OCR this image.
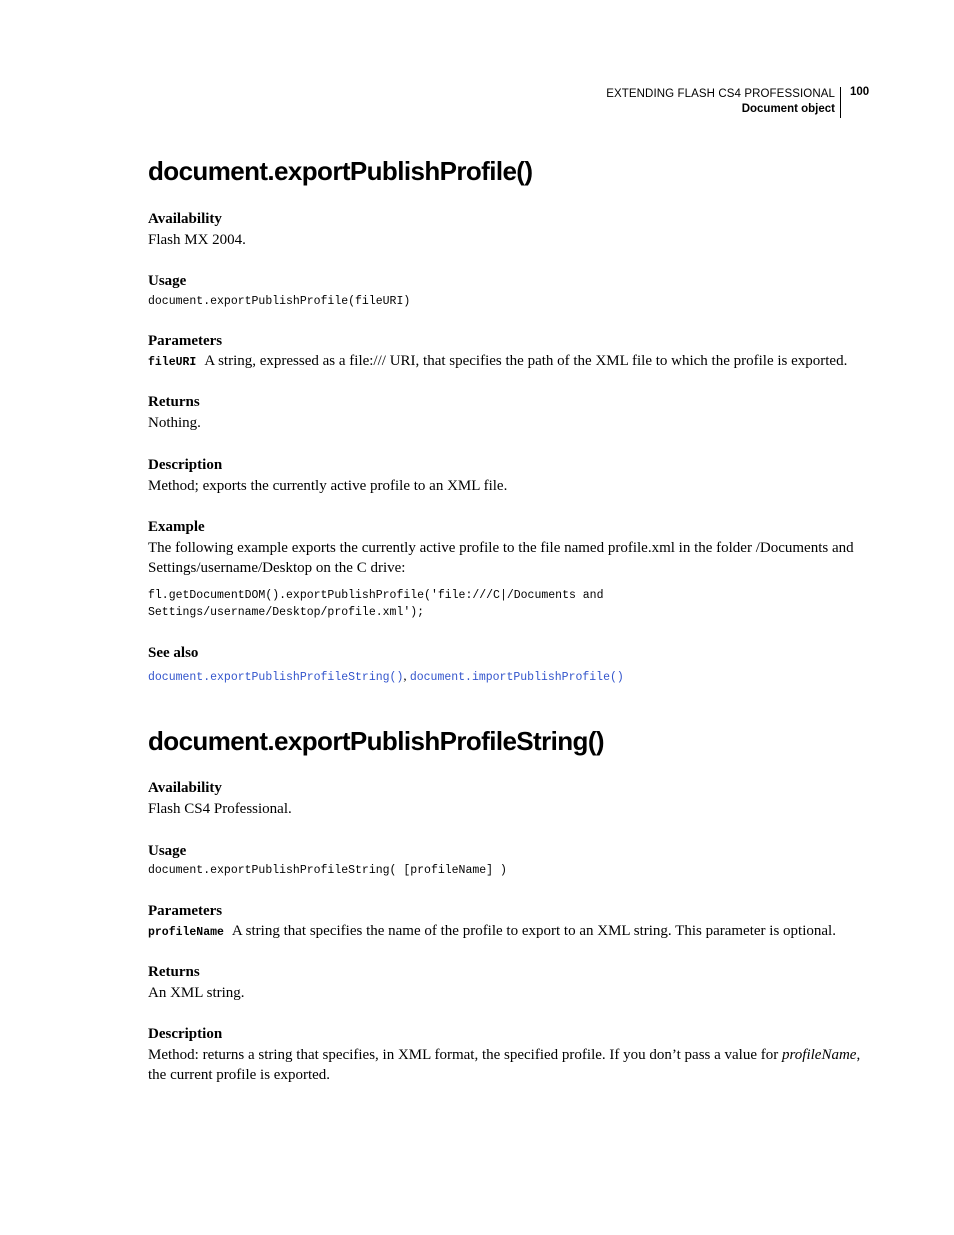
EXTENDING FLASH CS4 PROFESSIONAL
Document object
100
document.exportPublishProfile()
Availability
Flash MX 2004.
Usage
document.exportPublishProfile(fileURI)
Parameters
fileURI A string, expressed as a file:/// URI, that specifies the path of the XML file to which the profile is exported.
Returns
Nothing.
Description
Method; exports the currently active profile to an XML file.
Example
The following example exports the currently active profile to the file named profile.xml in the folder /Documents and
Settings/username/Desktop on the C drive:
fl.getDocumentDOM().exportPublishProfile('file:///C|/Documents and
Settings/username/Desktop/profile.xml');
See also
document.exportPublishProfileString(), document.importPublishProfile()
document.exportPublishProfileString()
Availability
Flash CS4 Professional.
Usage
document.exportPublishProfileString( [profileName] )
Parameters
profileName A string that specifies the name of the profile to export to an XML string. This parameter is optional.
Returns
An XML string.
Description
Method: returns a string that specifies, in XML format, the specified profile. If you don’t pass a value for profileName,
the current profile is exported.
